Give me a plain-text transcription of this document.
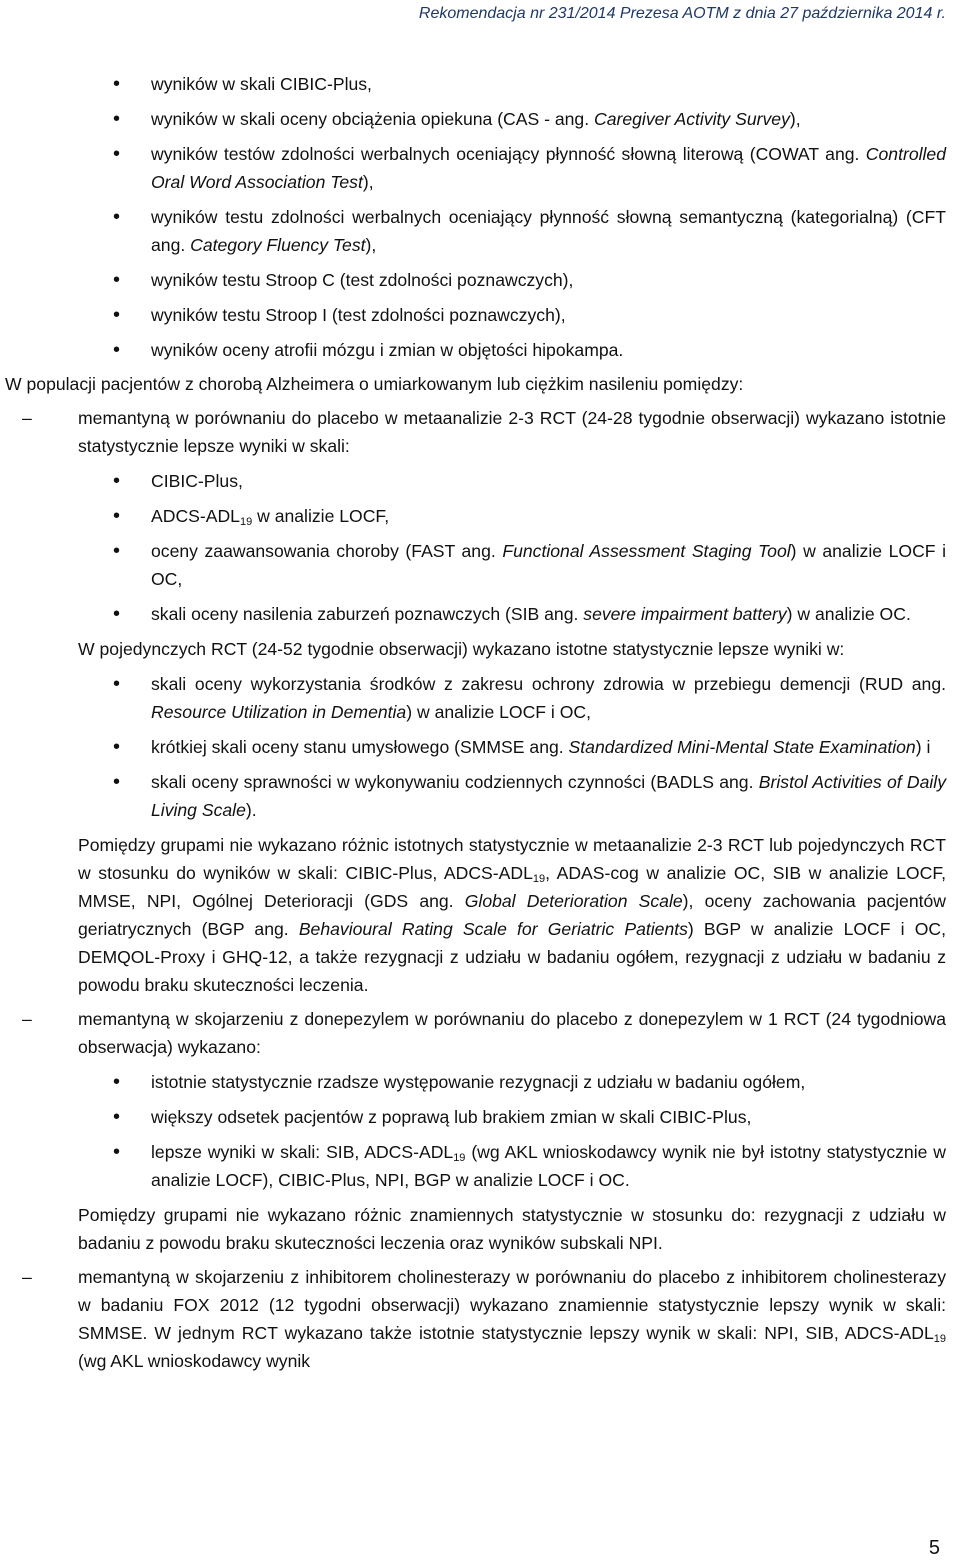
Rekomendacja nr 231/2014 Prezesa AOTM z dnia 27 października 2014 r.
• wyników w skali CIBIC-Plus,
• wyników w skali oceny obciążenia opiekuna (CAS - ang. Caregiver Activity Survey),
• wyników testów zdolności werbalnych oceniający płynność słowną literową (COWAT ang. Controlled Oral Word Association Test),
• wyników testu zdolności werbalnych oceniający płynność słowną semantyczną (kategorialną) (CFT ang. Category Fluency Test),
• wyników testu Stroop C (test zdolności poznawczych),
• wyników testu Stroop I (test zdolności poznawczych),
• wyników oceny atrofii mózgu i zmian w objętości hipokampa.
W populacji pacjentów z chorobą Alzheimera o umiarkowanym lub ciężkim nasileniu pomiędzy:
– memantyną w porównaniu do placebo w metaanalizie 2-3 RCT (24-28 tygodnie obserwacji) wykazano istotnie statystycznie lepsze wyniki w skali:
• CIBIC-Plus,
• ADCS-$ADL_{19}$ w analizie LOCF,
• oceny zaawansowania choroby (FAST ang. Functional Assessment Staging Tool) w analizie LOCF i OC,
• skali oceny nasilenia zaburzeń poznawczych (SIB ang. severe impairment battery) w analizie OC.
W pojedynczych RCT (24-52 tygodnie obserwacji) wykazano istotne statystycznie lepsze wyniki w:
• skali oceny wykorzystania środków z zakresu ochrony zdrowia w przebiegu demencji (RUD ang. Resource Utilization in Dementia) w analizie LOCF i OC,
• krótkiej skali oceny stanu umysłowego (SMMSE ang. Standardized Mini-Mental State Examination) i
• skali oceny sprawności w wykonywaniu codziennych czynności (BADLS ang. Bristol Activities of Daily Living Scale).
Pomiędzy grupami nie wykazano różnic istotnych statystycznie w metaanalizie 2-3 RCT lub pojedynczych RCT w stosunku do wyników w skali: CIBIC-Plus, ADCS-$ADL_{19}$, ADAS-cog w analizie OC, SIB w analizie LOCF, MMSE, NPI, Ogólnej Deterioracji (GDS ang. Global Deterioration Scale), oceny zachowania pacjentów geriatrycznych (BGP ang. Behavioural Rating Scale for Geriatric Patients) BGP w analizie LOCF i OC, DEMQOL-Proxy i GHQ-12, a także rezygnacji z udziału w badaniu ogółem, rezygnacji z udziału w badaniu z powodu braku skuteczności leczenia.
– memantyną w skojarzeniu z donepezylem w porównaniu do placebo z donepezylem w 1 RCT (24 tygodniowa obserwacja) wykazano:
• istotnie statystycznie rzadsze występowanie rezygnacji z udziału w badaniu ogółem,
• większy odsetek pacjentów z poprawą lub brakiem zmian w skali CIBIC-Plus,
• lepsze wyniki w skali: SIB, ADCS-$ADL_{19}$ (wg AKL wnioskodawcy wynik nie był istotny statystycznie w analizie LOCF), CIBIC-Plus, NPI, BGP w analizie LOCF i OC.
Pomiędzy grupami nie wykazano różnic znamiennych statystycznie w stosunku do: rezygnacji z udziału w badaniu z powodu braku skuteczności leczenia oraz wyników subskali NPI.
– memantyną w skojarzeniu z inhibitorem cholinesterazy w porównaniu do placebo z inhibitorem cholinesterazy w badaniu FOX 2012 (12 tygodni obserwacji) wykazano znamiennie statystycznie lepszy wynik w skali: SMMSE. W jednym RCT wykazano także istotnie statystycznie lepszy wynik w skali: NPI, SIB, ADCS-$ADL_{19}$ (wg AKL wnioskodawcy wynik
5
